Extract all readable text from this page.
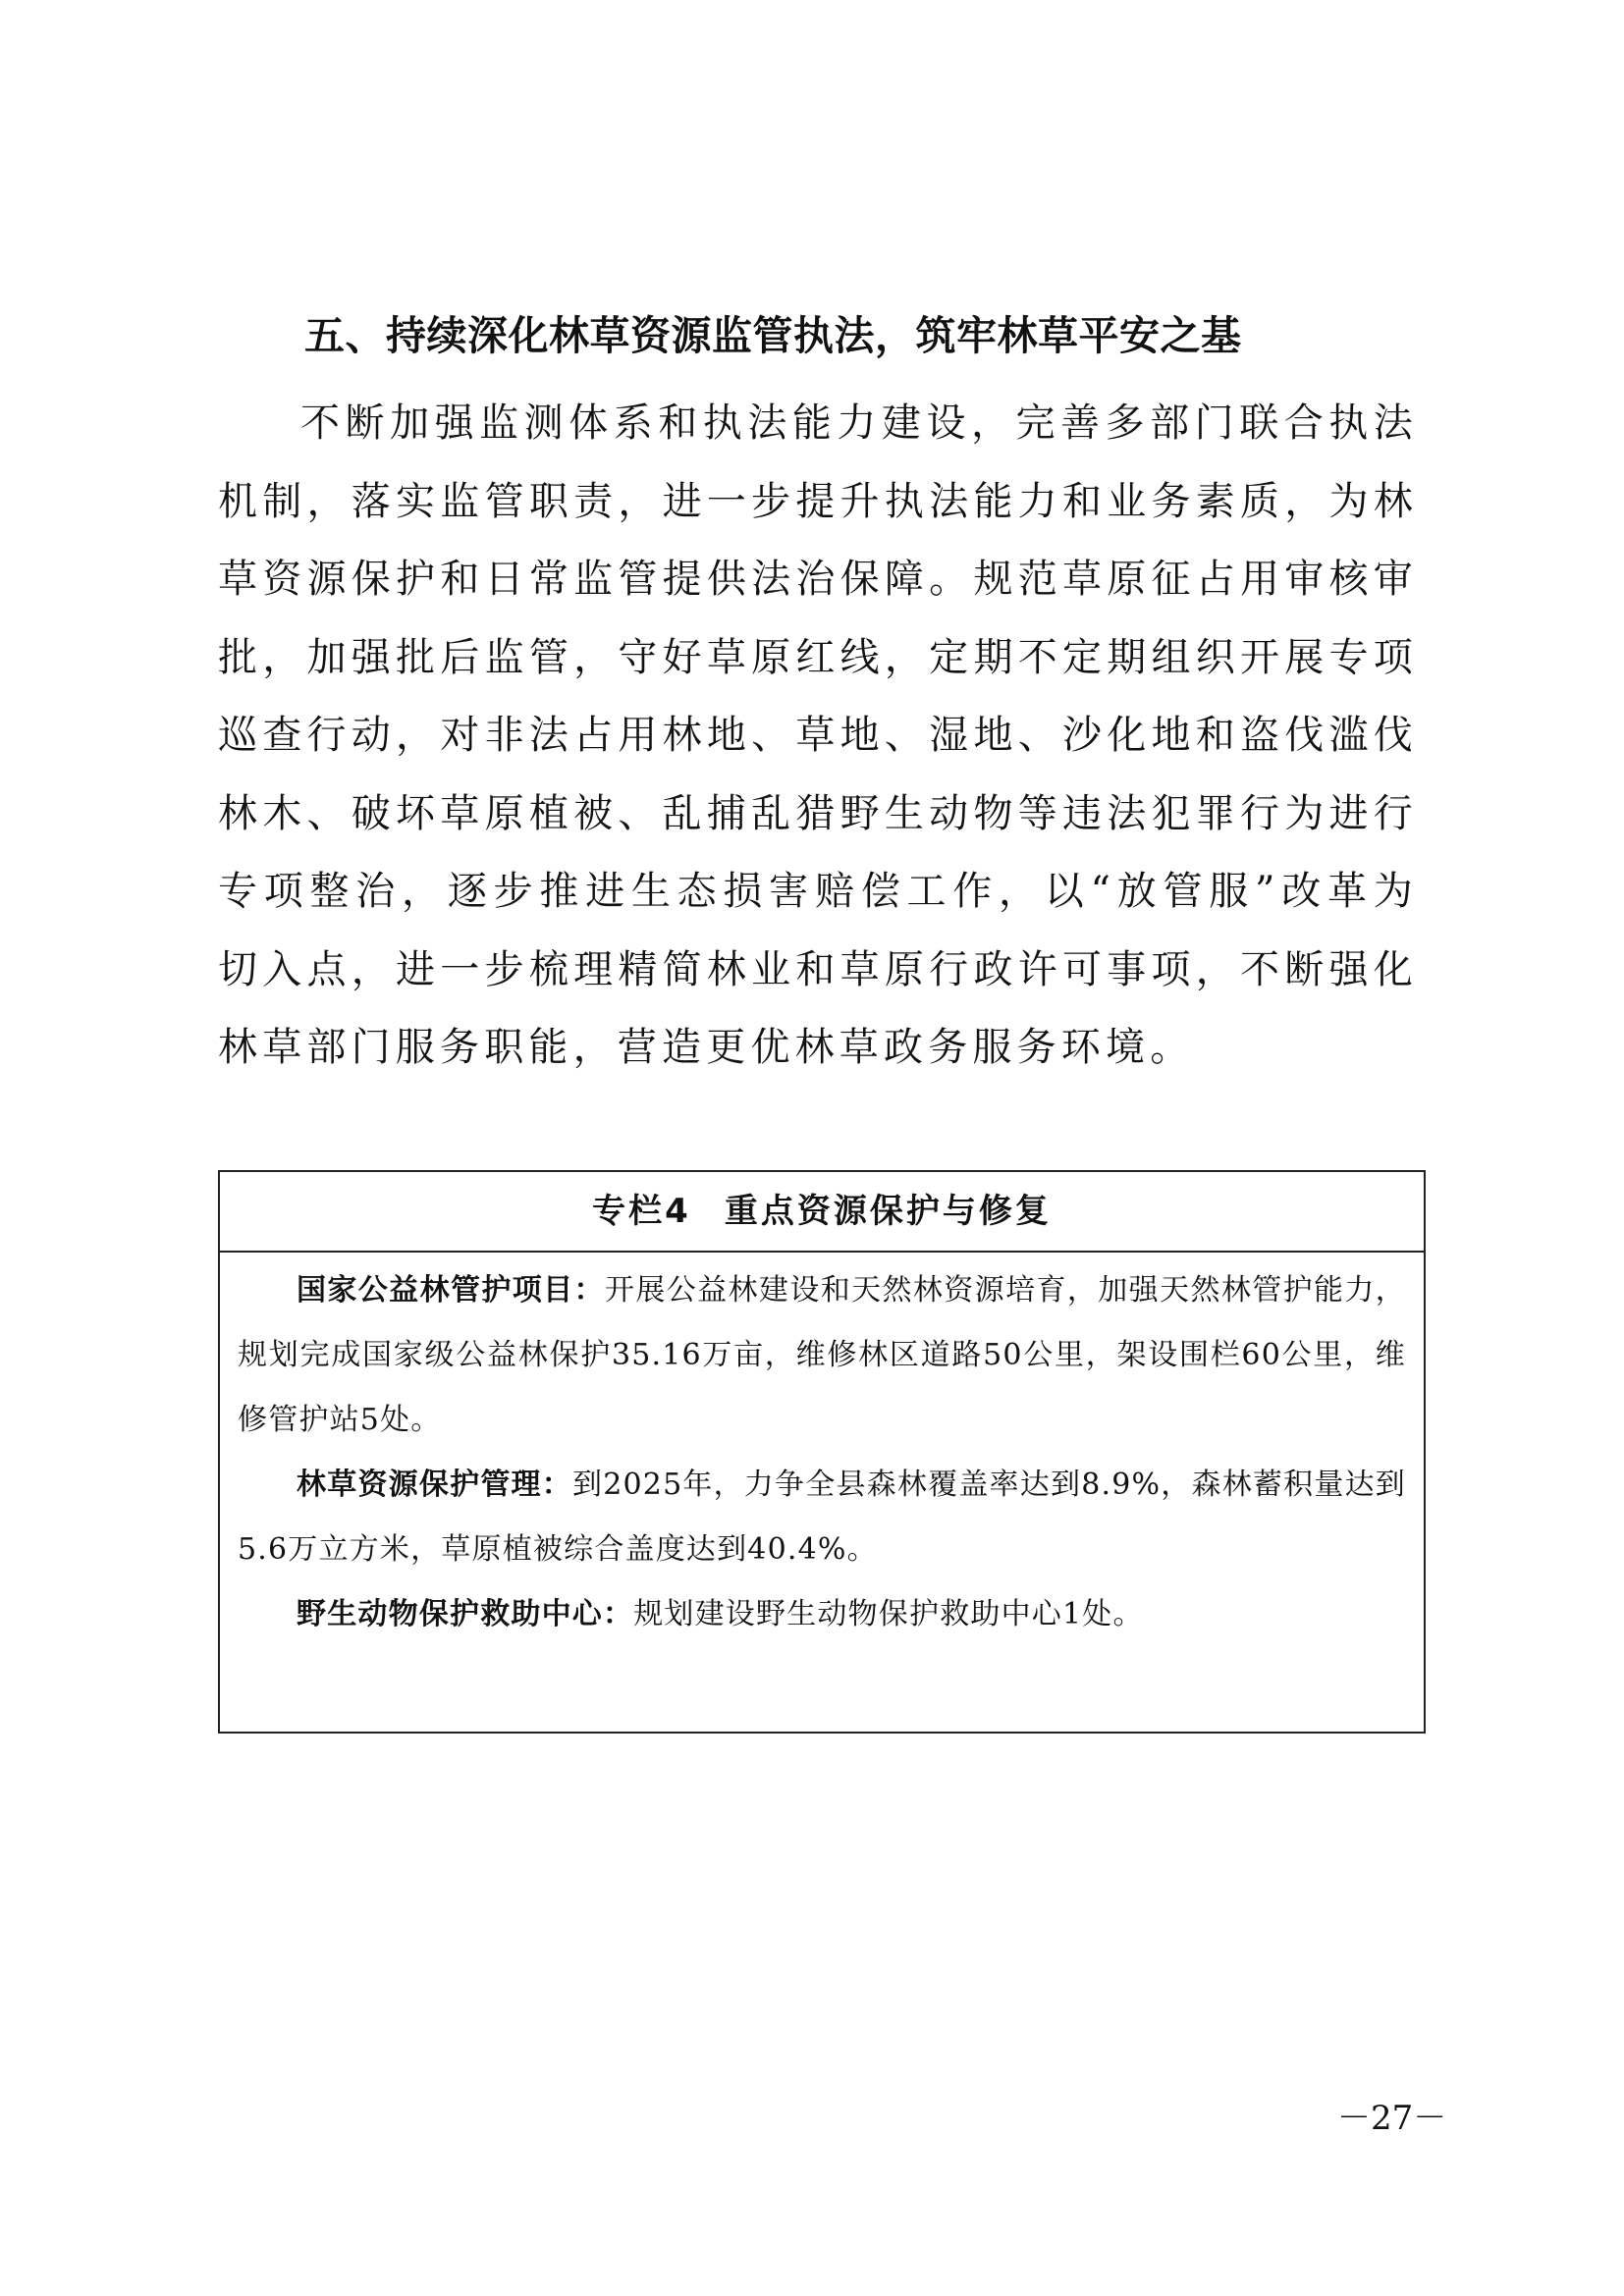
五、持续深化林草资源监管执法，筑牢林草平安之基
不断加强监测体系和执法能力建设，完善多部门联合执法机制，落实监管职责，进一步提升执法能力和业务素质，为林草资源保护和日常监管提供法治保障。规范草原征占用审核审批，加强批后监管，守好草原红线，定期不定期组织开展专项巡查行动，对非法占用林地、草地、湿地、沙化地和盗伐滥伐林木、破坏草原植被、乱捕乱猎野生动物等违法犯罪行为进行专项整治，逐步推进生态损害赔偿工作，以“放管服”改革为切入点，进一步梳理精简林业和草原行政许可事项，不断强化林草部门服务职能，营造更优林草政务服务环境。
专栏4 重点资源保护与修复

国家公益林管护项目：开展公益林建设和天然林资源培育，加强天然林管护能力，规划完成国家级公益林保护35.16万亩，维修林区道路50公里，架设围栏60公里，维修管护站5处。

林草资源保护管理：到2025年，力争全县森林覆盖率达到8.9%，森林蓄积量达到5.6万立方米，草原植被综合盖度达到40.4%。

野生动物保护救助中心：规划建设野生动物保护救助中心1处。

－27－
